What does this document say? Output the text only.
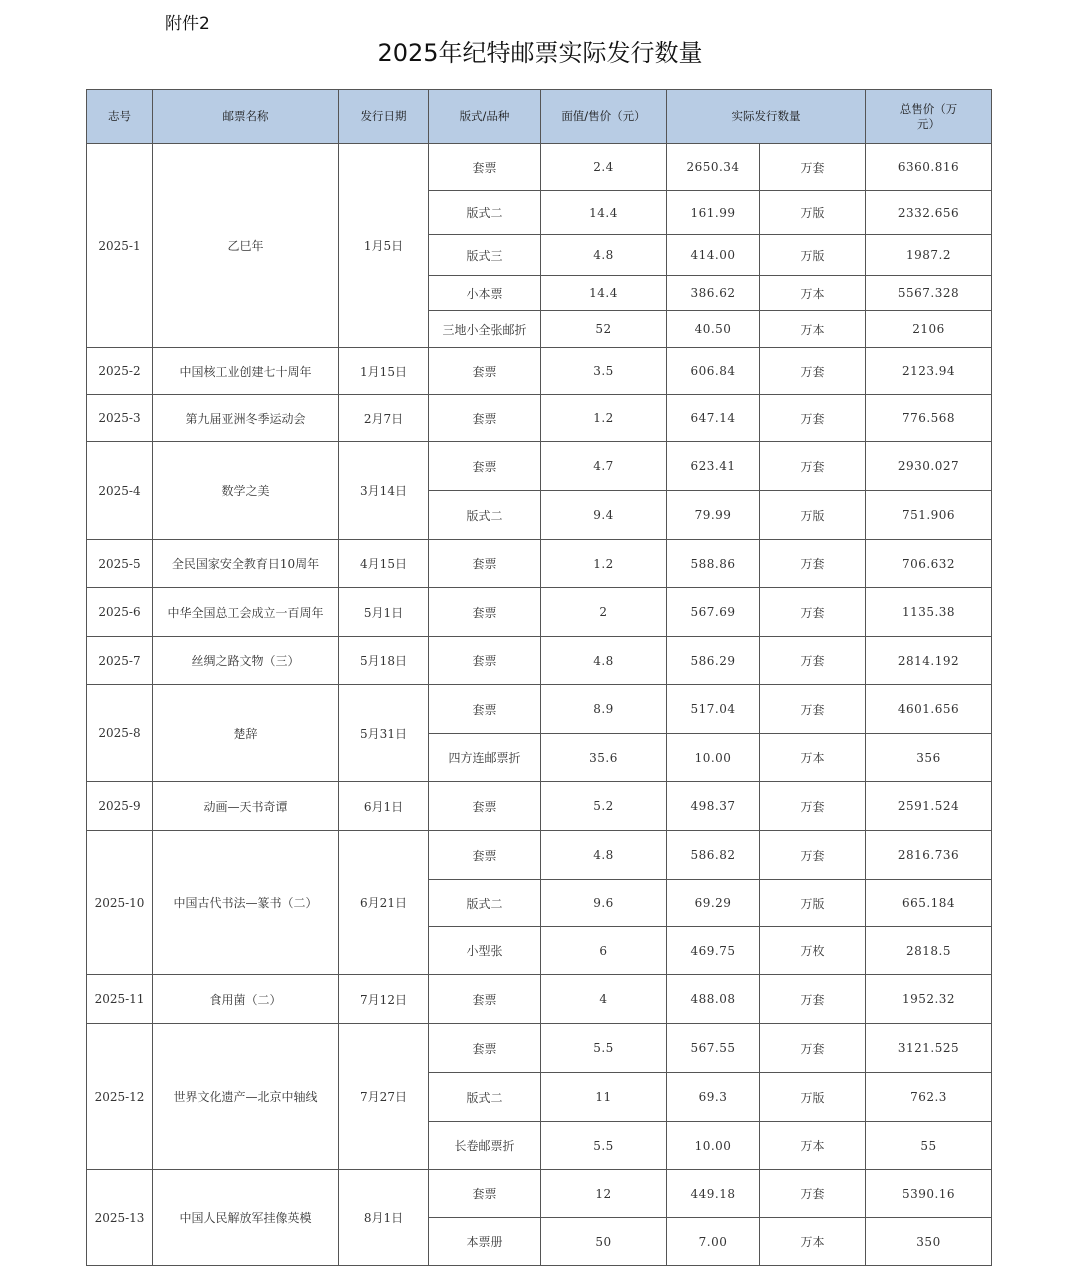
附件2
2025年纪特邮票实际发行数量
志号	邮票名称	发行日期	版式/品种	面值/售价（元）	实际发行数量		总售价（万元）
2025-1	乙巳年	1月5日	套票	2.4	2650.34	万套	6360.816
			版式二	14.4	161.99	万版	2332.656
			版式三	4.8	414.00	万版	1987.2
			小本票	14.4	386.62	万本	5567.328
			三地小全张邮折	52	40.50	万本	2106
2025-2	中国核工业创建七十周年	1月15日	套票	3.5	606.84	万套	2123.94
2025-3	第九届亚洲冬季运动会	2月7日	套票	1.2	647.14	万套	776.568
2025-4	数学之美	3月14日	套票	4.7	623.41	万套	2930.027
			版式二	9.4	79.99	万版	751.906
2025-5	全民国家安全教育日10周年	4月15日	套票	1.2	588.86	万套	706.632
2025-6	中华全国总工会成立一百周年	5月1日	套票	2	567.69	万套	1135.38
2025-7	丝绸之路文物（三）	5月18日	套票	4.8	586.29	万套	2814.192
2025-8	楚辞	5月31日	套票	8.9	517.04	万套	4601.656
			四方连邮票折	35.6	10.00	万本	356
2025-9	动画—天书奇谭	6月1日	套票	5.2	498.37	万套	2591.524
2025-10	中国古代书法—篆书（二）	6月21日	套票	4.8	586.82	万套	2816.736
			版式二	9.6	69.29	万版	665.184
			小型张	6	469.75	万枚	2818.5
2025-11	食用菌（二）	7月12日	套票	4	488.08	万套	1952.32
2025-12	世界文化遗产—北京中轴线	7月27日	套票	5.5	567.55	万套	3121.525
			版式二	11	69.3	万版	762.3
			长卷邮票折	5.5	10.00	万本	55
2025-13	中国人民解放军挂像英模	8月1日	套票	12	449.18	万套	5390.16
			本票册	50	7.00	万本	350
